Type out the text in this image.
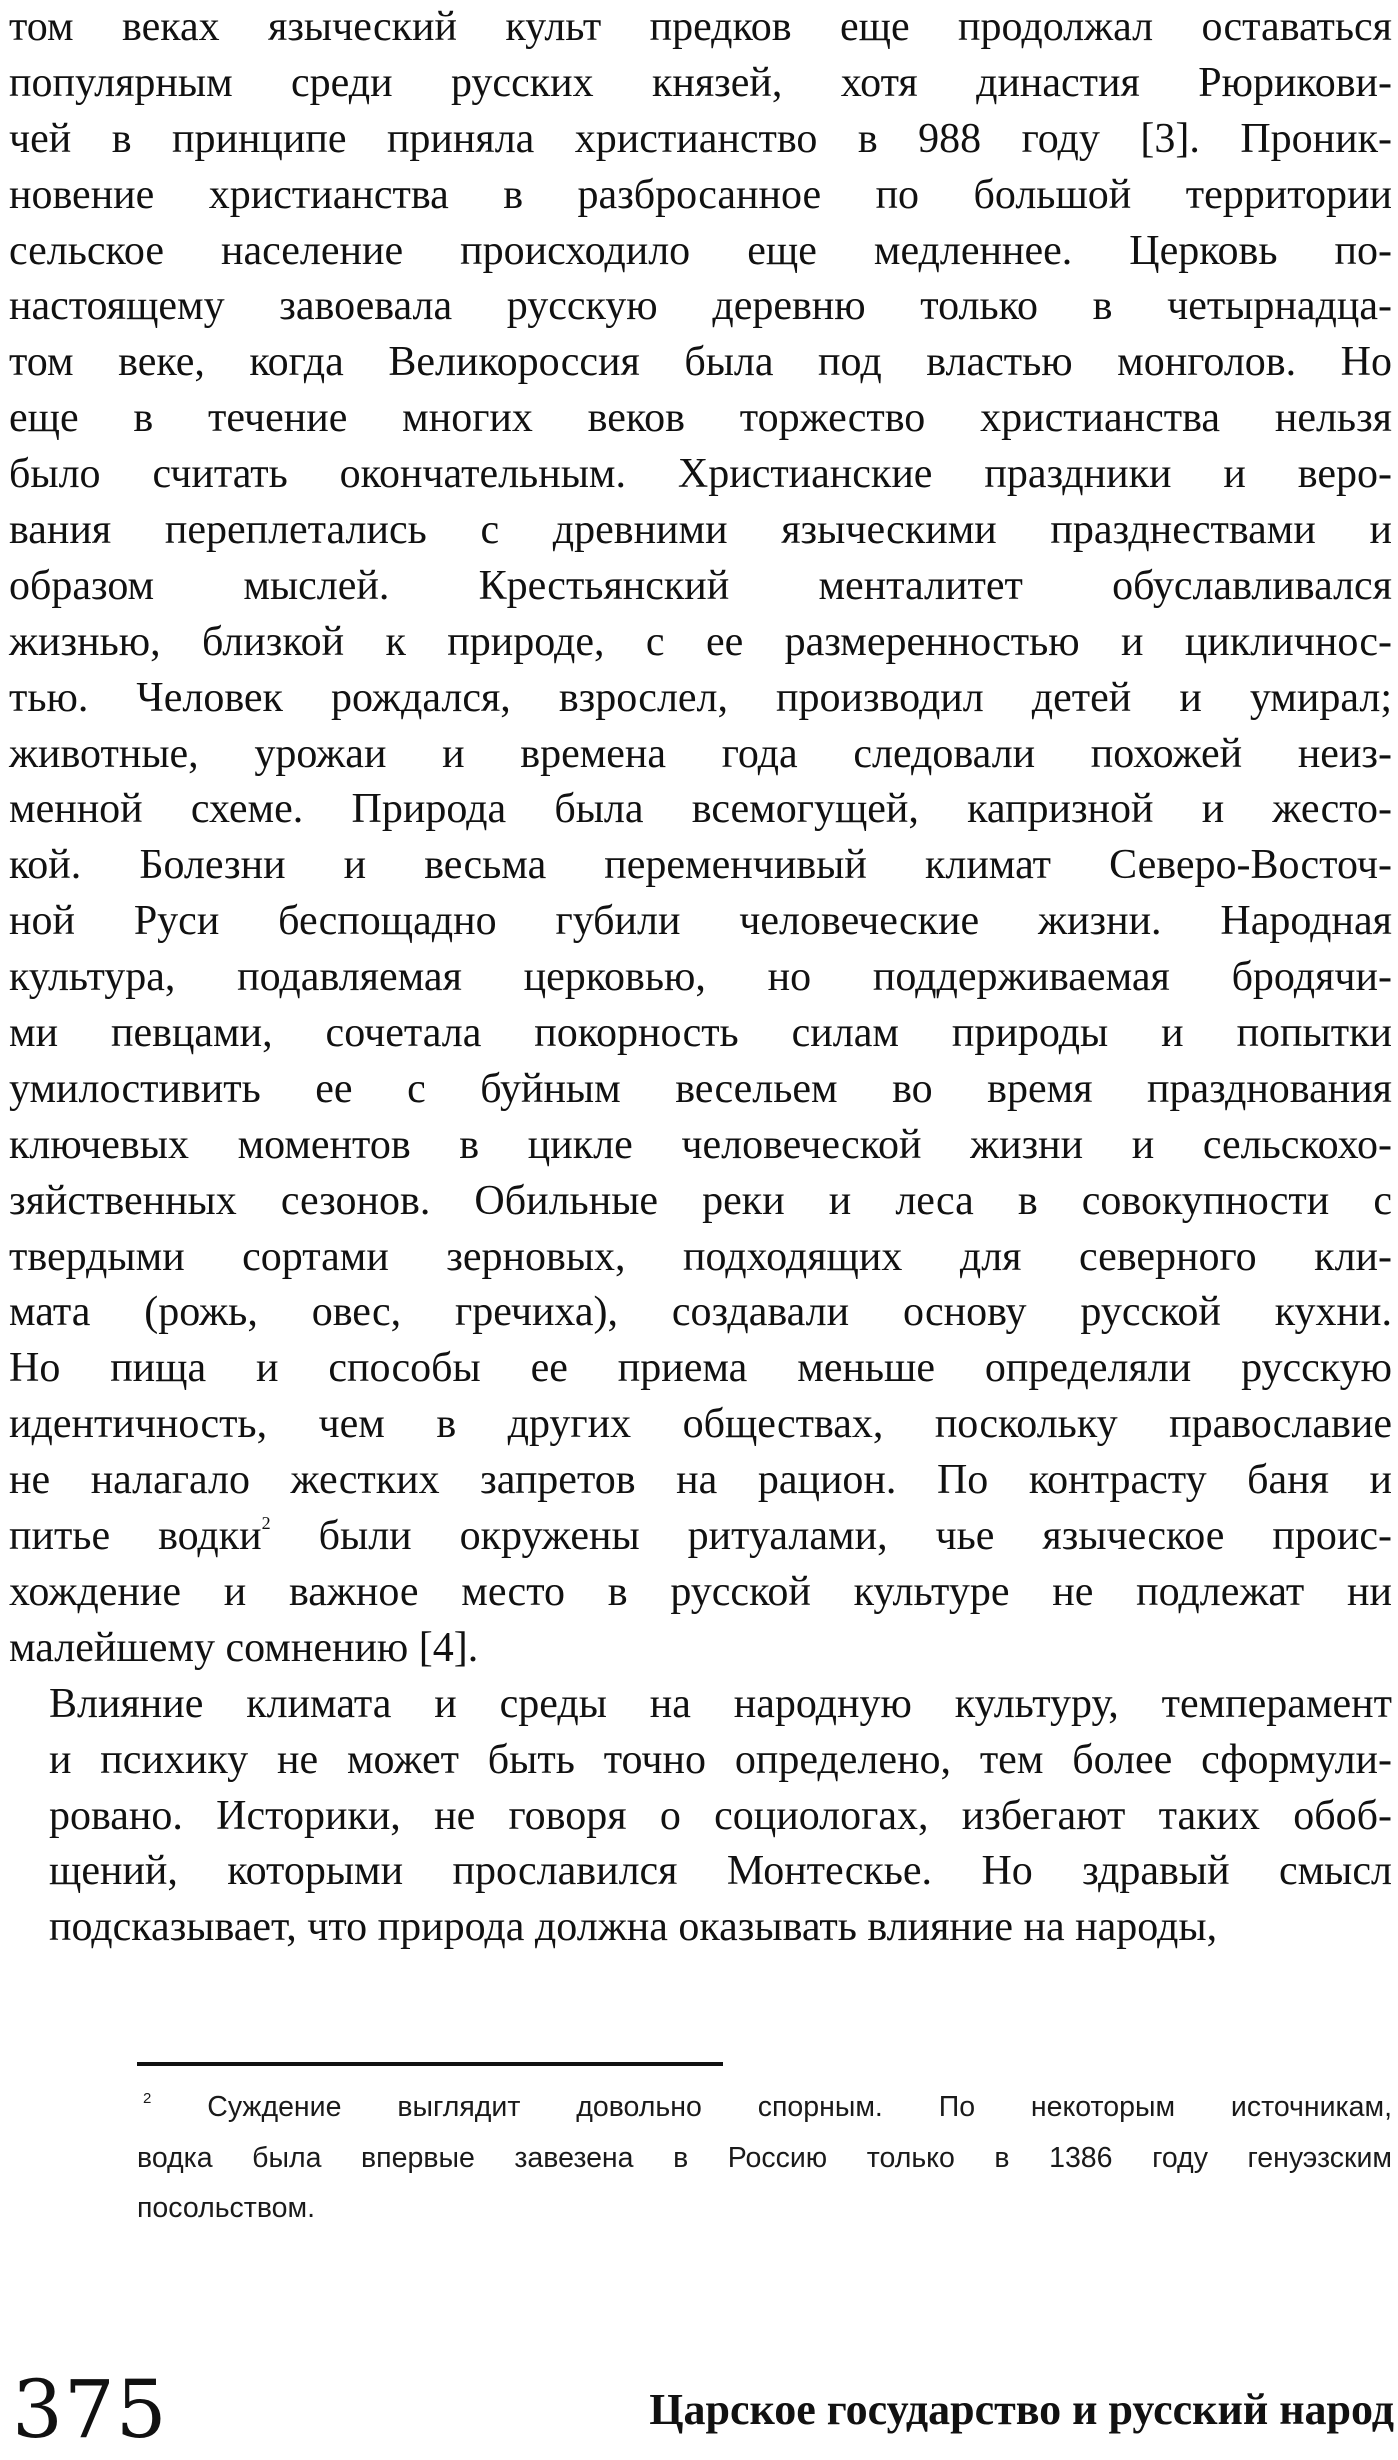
том веках языческий культ предков еще продолжал оставаться
популярным среди русских князей, хотя династия Рюрикови-
чей в принципе приняла христианство в 988 году [3]. Проник-
новение христианства в разбросанное по большой территории
сельское население происходило еще медленнее. Церковь по-
настоящему завоевала русскую деревню только в четырнадца-
том веке, когда Великороссия была под властью монголов. Но
еще в течение многих веков торжество христианства нельзя
было считать окончательным. Христианские праздники и веро-
вания переплетались с древними языческими празднествами и
образом мыслей. Крестьянский менталитет обуславливался
жизнью, близкой к природе, с ее размеренностью и цикличнос-
тью. Человек рождался, взрослел, производил детей и умирал;
животные, урожаи и времена года следовали похожей неиз-
менной схеме. Природа была всемогущей, капризной и жесто-
кой. Болезни и весьма переменчивый климат Северо-Восточ-
ной Руси беспощадно губили человеческие жизни. Народная
культура, подавляемая церковью, но поддерживаемая бродячи-
ми певцами, сочетала покорность силам природы и попытки
умилостивить ее с буйным весельем во время празднования
ключевых моментов в цикле человеческой жизни и сельскохо-
зяйственных сезонов. Обильные реки и леса в совокупности с
твердыми сортами зерновых, подходящих для северного кли-
мата (рожь, овес, гречиха), создавали основу русской кухни.
Но пища и способы ее приема меньше определяли русскую
идентичность, чем в других обществах, поскольку православие
не налагало жестких запретов на рацион. По контрасту баня и
питье водки$^2$ были окружены ритуалами, чье языческое проис-
хождение и важное место в русской культуре не подлежат ни
малейшему сомнению [4].

Влияние климата и среды на народную культуру, темперамент
и психику не может быть точно определено, тем более сформули-
ровано. Историки, не говоря о социологах, избегают таких обоб-
щений, которыми прославился Монтескье. Но здравый смысл
подсказывает, что природа должна оказывать влияние на народы,

$^2$ Суждение выглядит довольно спорным. По некоторым источникам,
водка была впервые завезена в Россию только в 1386 году генуэзским
посольством.
375	Царское государство и русский народ
